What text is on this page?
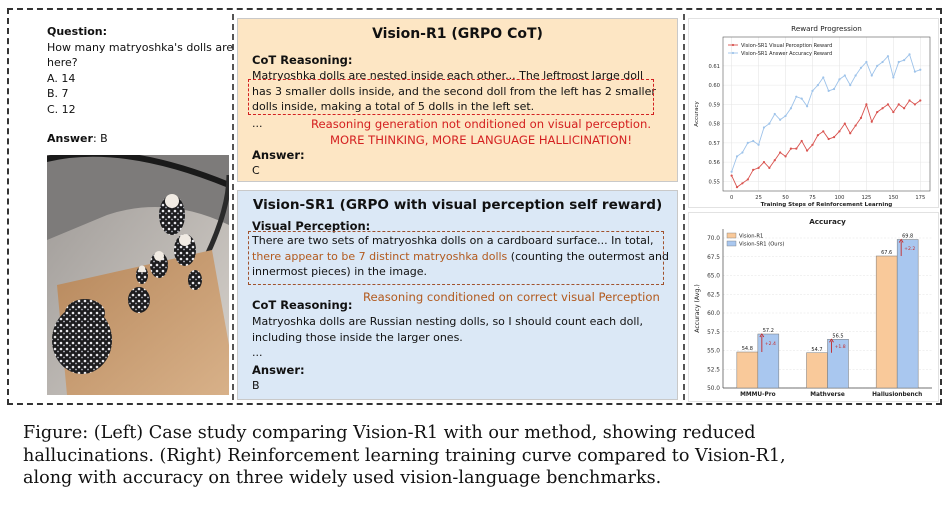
Question:
How many matryoshka's dolls are here?
A. 14
B. 7
C. 12
Answer: B
Vision-R1 (GRPO CoT)
CoT Reasoning:
Matryoshka dolls are nested inside each other... The leftmost large doll
has 3 smaller dolls inside, and the second doll from the left has 2 smaller
dolls inside, making a total of 5 dolls in the left set.
...	Reasoning generation not onditioned on visual perception.
MORE THINKING, MORE LANGUAGE HALLICINATION!
Answer:
C
Vision-SR1 (GRPO with visual perception self reward)
Visual Perception:
There are two sets of matryoshka dolls on a cardboard surface... In total,
there appear to be 7 distinct matryoshka dolls (counting the outermost and
innermost pieces) in the image.
Reasoning conditioned on correct visual Perception
CoT Reasoning:
Matryoshka dolls are Russian nesting dolls, so I should count each doll,
including those inside the larger ones.
...
Answer:
B
Reward Progression
0.55
0.56
0.57
0.58
0.59
0.60
0.61
0	25	50	75	100	125	150	175
Training Steps of Reinforcement Learning
Accuracy
Vision-SR1 Visual Perception Reward
Vision-SR1 Answer Accuracy Reward
Accuracy
50.0
52.5
55.0
57.5
60.0
62.5
65.0
67.5
70.0
Accuracy (Avg.)
54.8
57.2
+2.4
MMMU-Pro
54.7
56.5
+1.8
Mathverse
67.6
69.8
+2.2
Hallusionbench
Vision-R1
Vision-SR1 (Ours)
Figure: (Left) Case study comparing Vision-R1 with our method, showing reduced
hallucinations. (Right) Reinforcement learning training curve compared to Vision-R1,
along with accuracy on three widely used vision-language benchmarks.
